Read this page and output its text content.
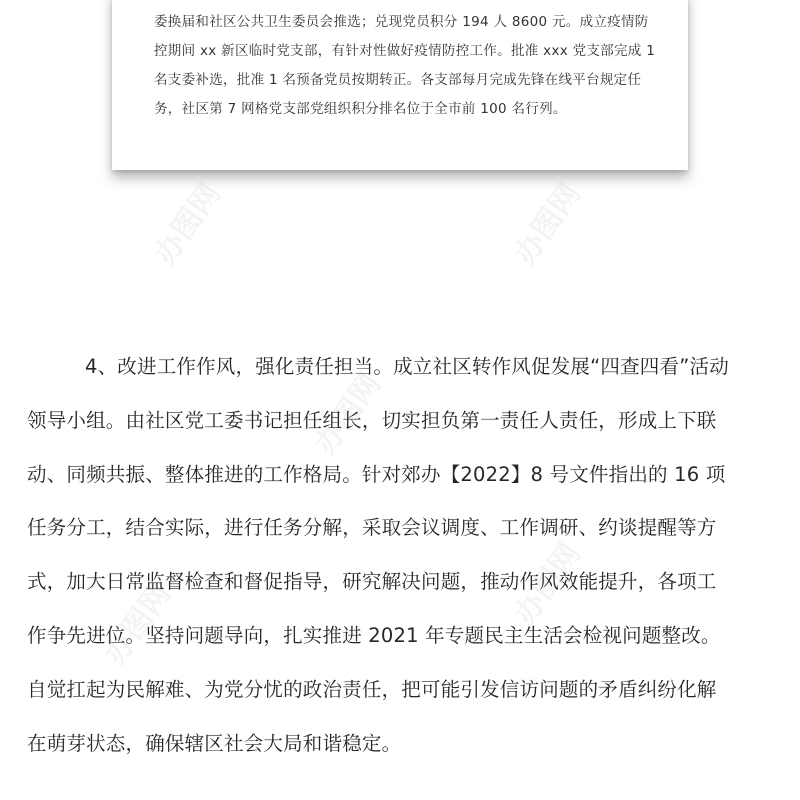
委换届和社区公共卫生委员会推选；兑现党员积分 194 人 8600 元。成立疫情防
控期间 xx 新区临时党支部，有针对性做好疫情防控工作。批准 xxx 党支部完成 1
名支委补选，批准 1 名预备党员按期转正。各支部每月完成先锋在线平台规定任
务，社区第 7 网格党支部党组织积分排名位于全市前 100 名行列。

办图网	办图网
办图网
办图网
办图网

4、改进工作作风，强化责任担当。成立社区转作风促发展“四查四看”活动
领导小组。由社区党工委书记担任组长，切实担负第一责任人责任，形成上下联
动、同频共振、整体推进的工作格局。针对郊办【2022】8 号文件指出的 16 项
任务分工，结合实际，进行任务分解，采取会议调度、工作调研、约谈提醒等方
式，加大日常监督检查和督促指导，研究解决问题，推动作风效能提升，各项工
作争先进位。坚持问题导向，扎实推进 2021 年专题民主生活会检视问题整改。
自觉扛起为民解难、为党分忧的政治责任，把可能引发信访问题的矛盾纠纷化解
在萌芽状态，确保辖区社会大局和谐稳定。
